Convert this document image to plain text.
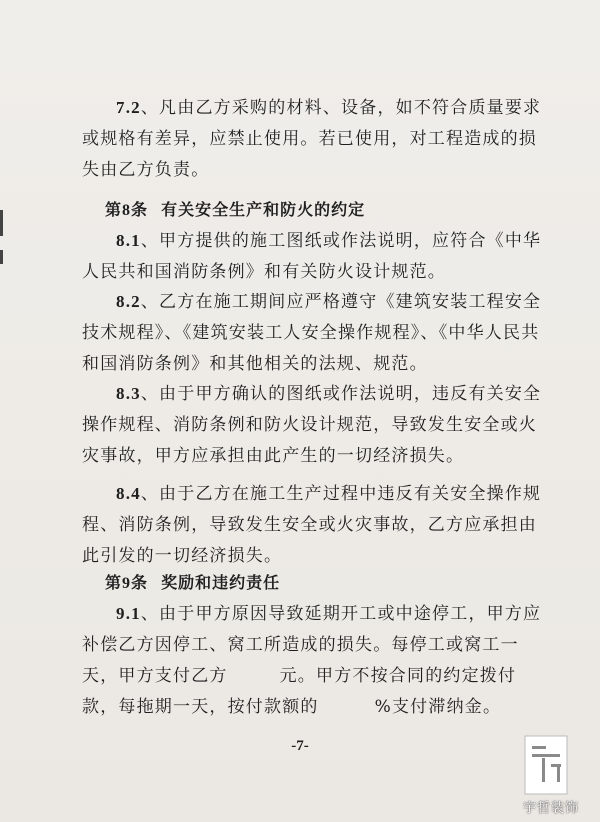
7.2、凡由乙方采购的材料、设备，如不符合质量要求或规格有差异，应禁止使用。若已使用，对工程造成的损失由乙方负责。

第8条 有关安全生产和防火的约定

8.1、甲方提供的施工图纸或作法说明，应符合《中华人民共和国消防条例》和有关防火设计规范。

8.2、乙方在施工期间应严格遵守《建筑安装工程安全技术规程》、《建筑安装工人安全操作规程》、《中华人民共和国消防条例》和其他相关的法规、规范。

8.3、由于甲方确认的图纸或作法说明，违反有关安全操作规程、消防条例和防火设计规范，导致发生安全或火灾事故，甲方应承担由此产生的一切经济损失。

8.4、由于乙方在施工生产过程中违反有关安全操作规程、消防条例，导致发生安全或火灾事故，乙方应承担由此引发的一切经济损失。

第9条 奖励和违约责任

9.1、由于甲方原因导致延期开工或中途停工，甲方应补偿乙方因停工、窝工所造成的损失。每停工或窝工一天，甲方支付乙方	元。甲方不按合同的约定拨付款，每拖期一天，按付款额的	%支付滞纳金。

-7-
宇哲装饰
